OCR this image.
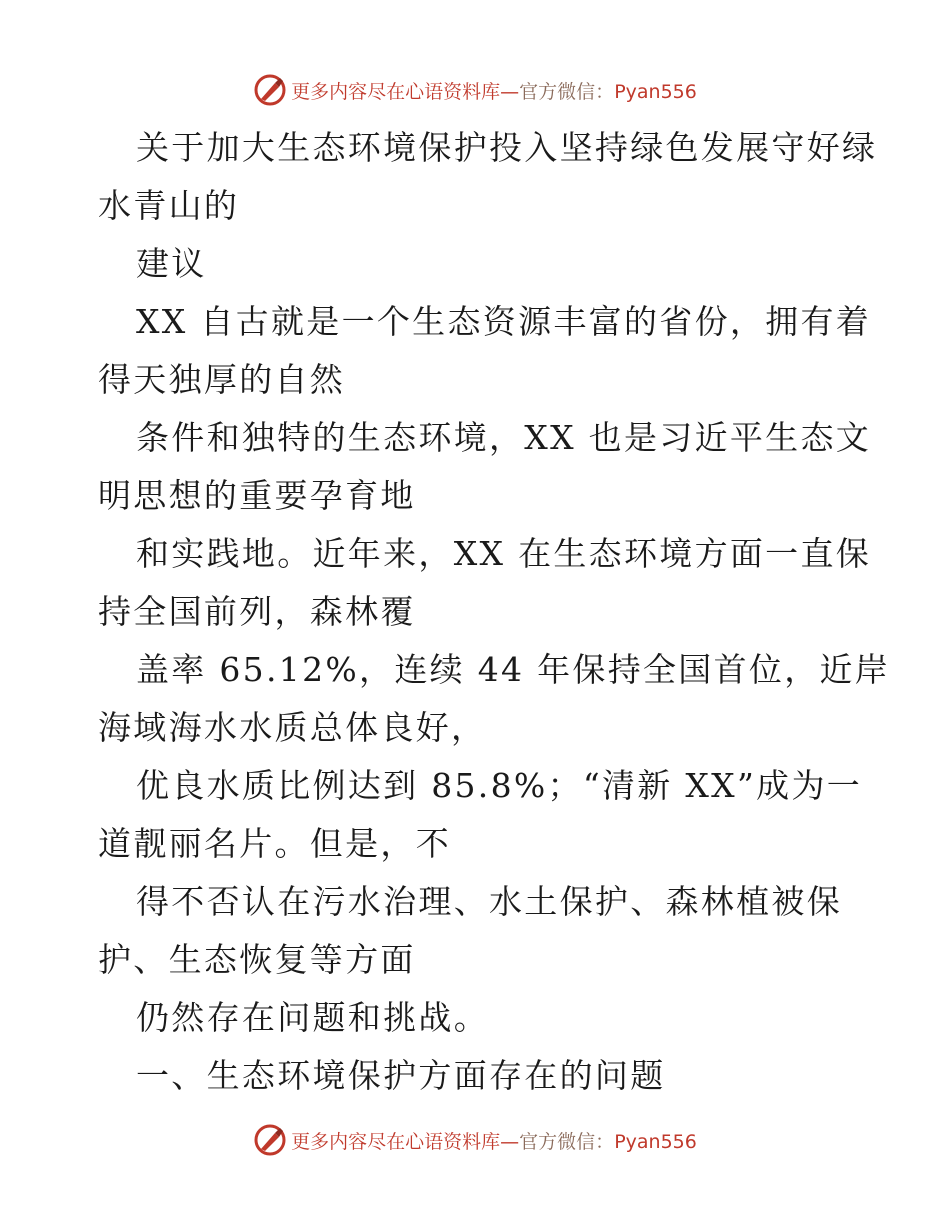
更多内容尽在心语资料库—官方微信：Pyan556
关于加大生态环境保护投入坚持绿色发展守好绿
水青山的
建议
XX 自古就是一个生态资源丰富的省份，拥有着
得天独厚的自然
条件和独特的生态环境，XX 也是习近平生态文
明思想的重要孕育地
和实践地。近年来，XX 在生态环境方面一直保
持全国前列，森林覆
盖率 65.12%，连续 44 年保持全国首位，近岸
海域海水水质总体良好，
优良水质比例达到 85.8%；“清新 XX”成为一
道靓丽名片。但是，不
得不否认在污水治理、水土保护、森林植被保
护、生态恢复等方面
仍然存在问题和挑战。
一、生态环境保护方面存在的问题
更多内容尽在心语资料库—官方微信：Pyan556
